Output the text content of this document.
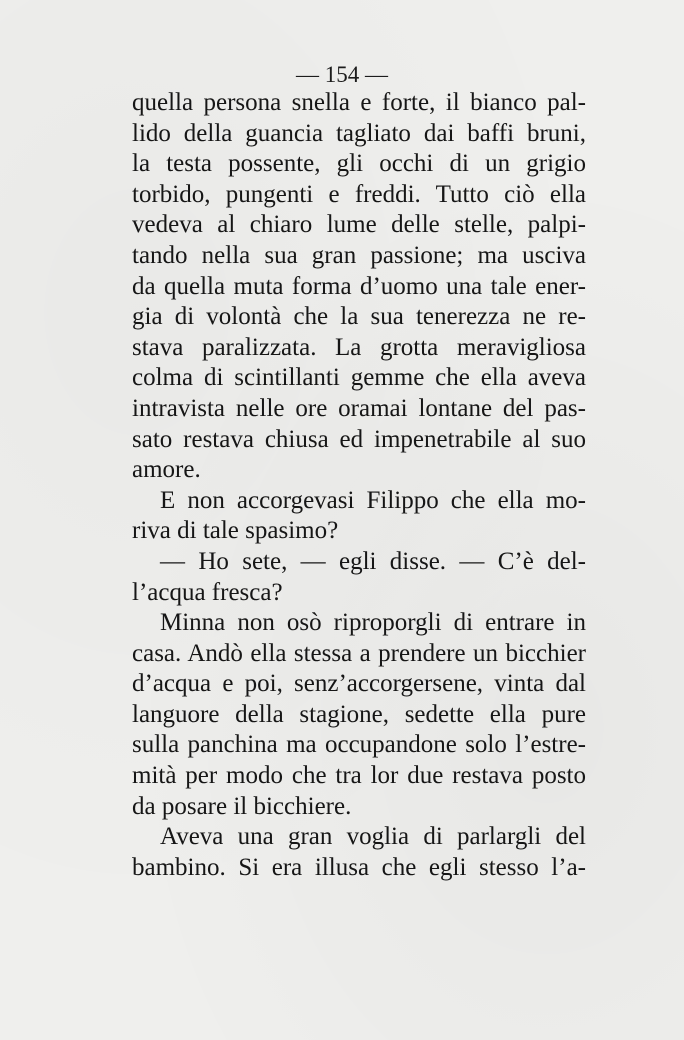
— 154 —
quella persona snella e forte, il bianco pal-
lido della guancia tagliato dai baffi bruni,
la testa possente, gli occhi di un grigio
torbido, pungenti e freddi. Tutto ciò ella
vedeva al chiaro lume delle stelle, palpi-
tando nella sua gran passione; ma usciva
da quella muta forma d’uomo una tale ener-
gia di volontà che la sua tenerezza ne re-
stava paralizzata. La grotta meravigliosa
colma di scintillanti gemme che ella aveva
intravista nelle ore oramai lontane del pas-
sato restava chiusa ed impenetrabile al suo
amore.
E non accorgevasi Filippo che ella mo-
riva di tale spasimo?
— Ho sete, — egli disse. — C’è del-
l’acqua fresca?
Minna non osò riproporgli di entrare in
casa. Andò ella stessa a prendere un bicchier
d’acqua e poi, senz’accorgersene, vinta dal
languore della stagione, sedette ella pure
sulla panchina ma occupandone solo l’estre-
mità per modo che tra lor due restava posto
da posare il bicchiere.
Aveva una gran voglia di parlargli del
bambino. Si era illusa che egli stesso l’a-
